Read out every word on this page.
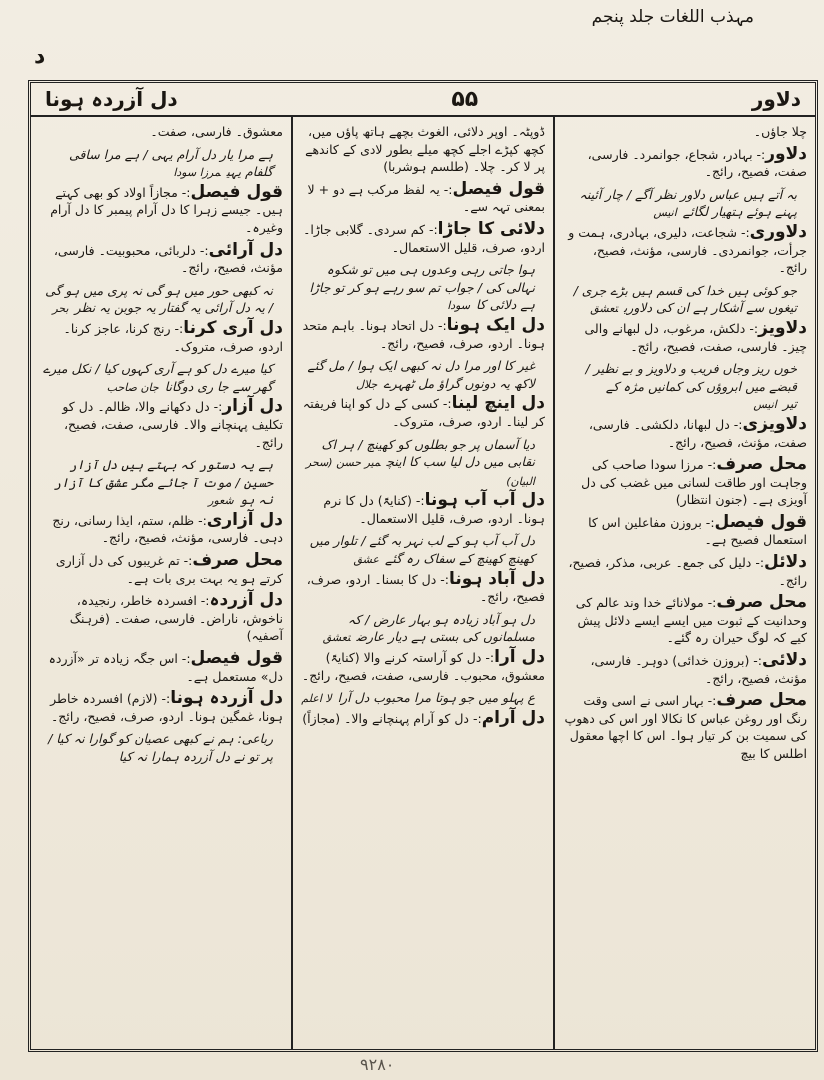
مہذب اللغات جلد پنجم
د
دل آزردہ ہونا	۵۵	دلاور
چلا جاؤں۔
دلاور:- بہادر، شجاع، جوانمرد۔ فارسی، صفت، فصیح، رائج۔
بہ آتے ہیں عباس دلاور نظر آگے / چار آئینہ پہنے ہوئے ہتھیار لگائےانیس
دلاوری:- شجاعت، دلیری، بہادری، ہمت و جرأت، جوانمردی۔ فارسی، مؤنث، فصیح، رائج۔
جو کوئی ہیں خدا کی قسم ہیں بڑے جری / تیغوں سے آشکار ہے ان کی دلاوریتعشق
دلاویز:- دلکش، مرغوب، دل لبھانے والی چیز۔ فارسی، صفت، فصیح، رائج۔
خوں ریز وجاں فریب و دلاویز و بے نظیر / قبضے میں ابروؤں کی کمانیں مژہ کے تیرانیس
دلاویزی:- دل لبھانا، دلکشی۔ فارسی، صفت، مؤنث، فصیح، رائج۔
محل صرف:- مرزا سودا صاحب کی وجاہت اور طاقت لسانی میں غضب کی دل آویزی ہے۔ (جنون انتظار)
قول فیصل:- بروزن مفاعلین اس کا استعمال فصیح ہے۔
دلائل:- دلیل کی جمع۔ عربی، مذکر، فصیح، رائج۔
محل صرف:- مولانائے خدا وند عالم کی وحدانیت کے ثبوت میں ایسے ایسے دلائل پیش کیے کہ لوگ حیران رہ گئے۔
دلائی:- (بروزن خدائی) دوہر۔ فارسی، مؤنث، فصیح، رائج۔
محل صرف:- بہار اسی نے اسی وقت رنگ اور روغن عباس کا نکالا اور اس کی دھوپ کی سمیت بن کر تیار ہوا۔ اس کا اچھا معقول اطلس کا بیچ
ڈوپٹہ۔ اوپر دلائی، الغوث بچھے ہاتھ پاؤں میں، کچھ کپڑے اجلے کچھ میلے بطور لادی کے کاندھے پر لا کر۔ چلا۔ (طلسم ہوشربا)
قول فیصل:- یہ لفظ مرکب ہے دو + لا بمعنی تہہ سے۔
دلائی کا جاڑا:- کم سردی۔ گلابی جاڑا۔ اردو، صرف، قلیل الاستعمال۔
ہوا جاتی رہی وعدوں ہی میں تو شکوہ نہالی کی / جواب تم سو رہے ہو کر تو جاڑا ہے دلائی کاسودا
دل ایک ہونا:- دل اتحاد ہونا۔ باہم متحد ہونا۔ اردو، صرف، فصیح، رائج۔
غیر کا اور مرا دل نہ کبھی ایک ہوا / مل گئے لاکھ یہ دونوں گراؤ مل ٹھہرےجلال
دل اینچ لینا:- کسی کے دل کو اپنا فریفتہ کر لینا۔ اردو، صرف، متروک۔
دیا آسماں پر جو بطلوں کو کھینچ / ہر اک نقابی میں دل لیا سب کا اینچمیر حسن (سحر البیان)
دل آب آب ہونا:- (کنایۃً) دل کا نرم ہونا۔ اردو، صرف، قلیل الاستعمال۔
دل آب آب ہو کے لب نہر بہ گئے / تلوار میں کھینچ کھینچ کے سفاک رہ گئےعشق
دل آباد ہونا:- دل کا بسنا۔ اردو، صرف، فصیح، رائج۔
دل ہو آباد زیادہ ہو بہار عارض / کہ مسلمانوں کی بستی ہے دیار عارضتعشق
دل آرا:- دل کو آراستہ کرنے والا (کنایۃً) معشوق، محبوب۔ فارسی، صفت، فصیح، رائج۔
ع پہلو میں جو ہوتا مرا محبوب دل آرالا اعلم
دل آرام:- دل کو آرام پہنچانے والا۔ (مجازاً)
معشوق۔ فارسی، صفت۔
ہے مرا یار دل آرام یہی / ہے مرا ساقی گلفام یہیمرزا سودا
قول فیصل:- مجازاً اولاد کو بھی کہتے ہیں۔ جیسے زہرا کا دل آرام پیمبر کا دل آرام وغیرہ۔
دل آرائی:- دلربائی، محبوبیت۔ فارسی، مؤنث، فصیح، رائج۔
نہ کبھی حور میں ہو گی نہ پری میں ہو گی / یہ دل آرائی یہ گفتار یہ جوبن یہ نظربحر
دل آری کرنا:- رنج کرنا، عاجز کرنا۔ اردو، صرف، متروک۔
کیا میرے دل کو ہے آری کہوں کیا / نکل میرے گھر سے جا ری دوگاناجان صاحب
دل آزار:- دل دکھانے والا، ظالم۔ دل کو تکلیف پہنچانے والا۔ فارسی، صفت، فصیح، رائج۔
ہے یہ دستور کہ بہتے ہیں دل آزار حسین / موت آ جائے مگر عشق کا آزار نہ ہوشعور
دل آزاری:- ظلم، ستم، ایذا رسانی، رنج دہی۔ فارسی، مؤنث، فصیح، رائج۔
محل صرف:- تم غریبوں کی دل آزاری کرتے ہو یہ بہت بری بات ہے۔
دل آزردہ:- افسردہ خاطر، رنجیدہ، ناخوش، ناراض۔ فارسی، صفت۔ (فرہنگ آصفیہ)
قول فیصل:- اس جگہ زیادہ تر «آزردہ دل» مستعمل ہے۔
دل آزردہ ہونا:- (لازم) افسردہ خاطر ہونا، غمگین ہونا۔ اردو، صرف، فصیح، رائج۔
رباعی: ہم نے کبھی عصیان کو گوارا نہ کیا / پر تو نے دل آزردہ ہمارا نہ کیا
۹۲۸۰
